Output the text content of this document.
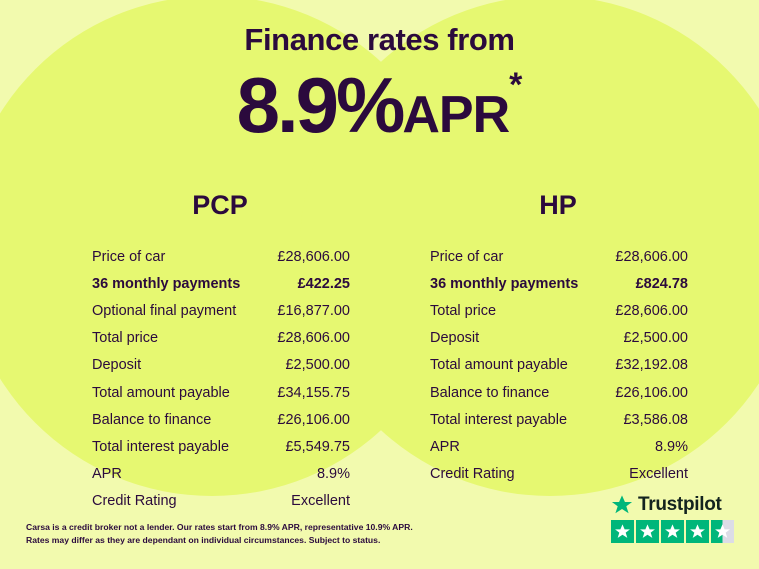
Finance rates from
8.9%APR*
PCP
Price of car	£28,606.00
36 monthly payments	£422.25
Optional final payment	£16,877.00
Total price	£28,606.00
Deposit	£2,500.00
Total amount payable	£34,155.75
Balance to finance	£26,106.00
Total interest payable	£5,549.75
APR	8.9%
Credit Rating	Excellent
HP
Price of car	£28,606.00
36 monthly payments	£824.78
Total price	£28,606.00
Deposit	£2,500.00
Total amount payable	£32,192.08
Balance to finance	£26,106.00
Total interest payable	£3,586.08
APR	8.9%
Credit Rating	Excellent
Carsa is a credit broker not a lender. Our rates start from 8.9% APR, representative 10.9% APR. Rates may differ as they are dependant on individual circumstances. Subject to status.
Trustpilot
